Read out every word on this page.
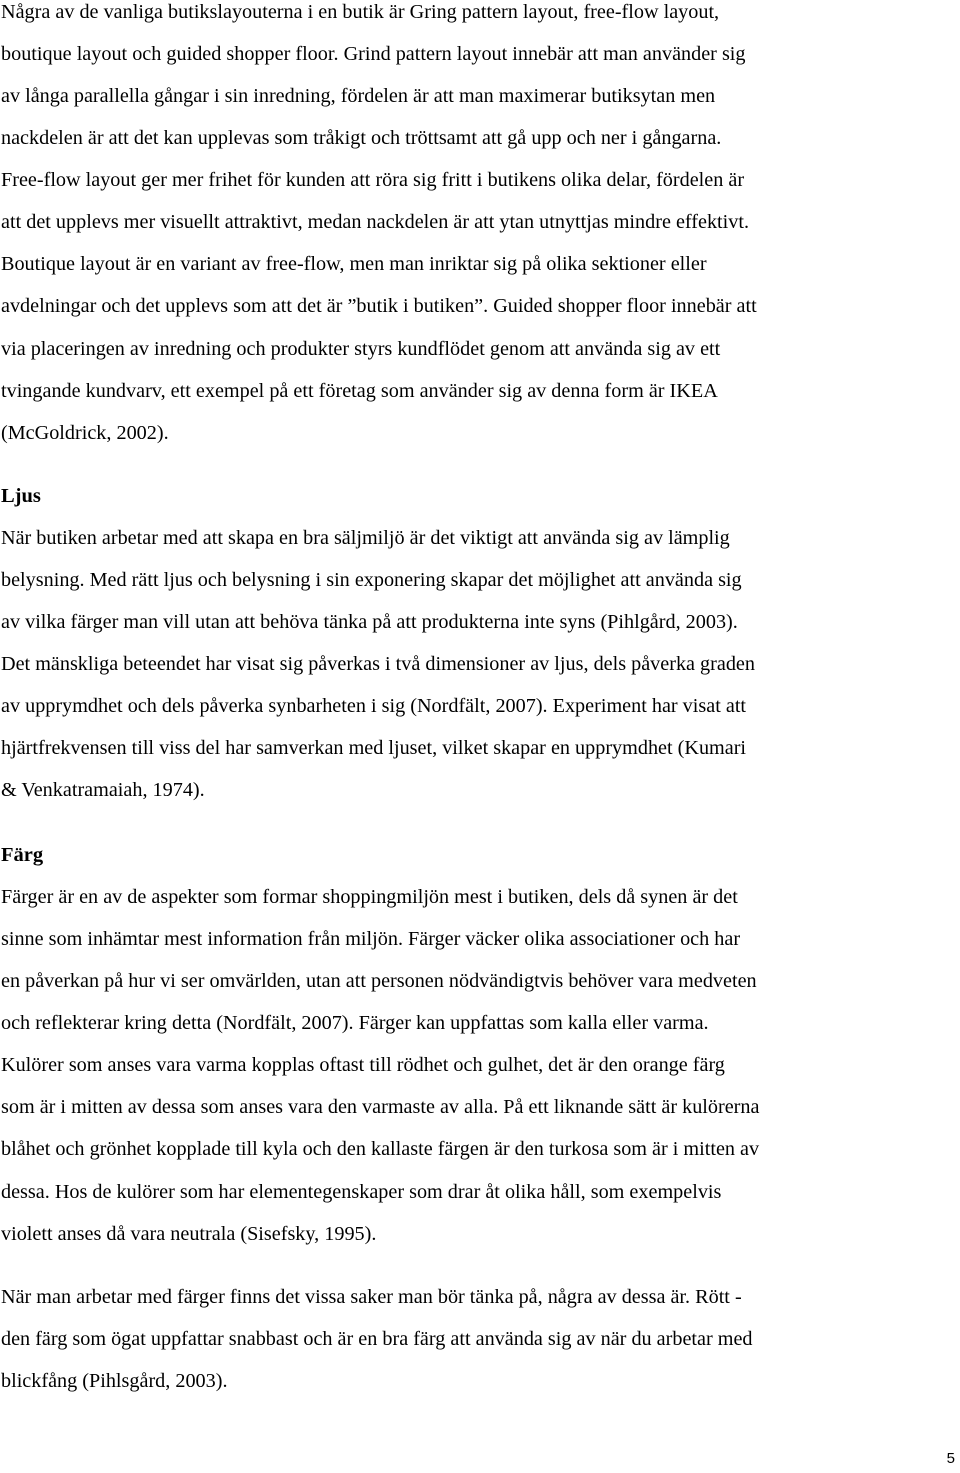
Några av de vanliga butikslayouterna i en butik är Gring pattern layout, free-flow layout,
boutique layout och guided shopper floor. Grind pattern layout innebär att man använder sig
av långa parallella gångar i sin inredning, fördelen är att man maximerar butiksytan men
nackdelen är att det kan upplevas som tråkigt och tröttsamt att gå upp och ner i gångarna.
Free-flow layout ger mer frihet för kunden att röra sig fritt i butikens olika delar, fördelen är
att det upplevs mer visuellt attraktivt, medan nackdelen är att ytan utnyttjas mindre effektivt.
Boutique layout är en variant av free-flow, men man inriktar sig på olika sektioner eller
avdelningar och det upplevs som att det är ”butik i butiken”. Guided shopper floor innebär att
via placeringen av inredning och produkter styrs kundflödet genom att använda sig av ett
tvingande kundvarv, ett exempel på ett företag som använder sig av denna form är IKEA
(McGoldrick, 2002).
Ljus
När butiken arbetar med att skapa en bra säljmiljö är det viktigt att använda sig av lämplig
belysning. Med rätt ljus och belysning i sin exponering skapar det möjlighet att använda sig
av vilka färger man vill utan att behöva tänka på att produkterna inte syns (Pihlgård, 2003).
Det mänskliga beteendet har visat sig påverkas i två dimensioner av ljus, dels påverka graden
av upprymdhet och dels påverka synbarheten i sig (Nordfält, 2007). Experiment har visat att
hjärtfrekvensen till viss del har samverkan med ljuset, vilket skapar en upprymdhet (Kumari
& Venkatramaiah, 1974).
Färg
Färger är en av de aspekter som formar shoppingmiljön mest i butiken, dels då synen är det
sinne som inhämtar mest information från miljön. Färger väcker olika associationer och har
en påverkan på hur vi ser omvärlden, utan att personen nödvändigtvis behöver vara medveten
och reflekterar kring detta (Nordfält, 2007). Färger kan uppfattas som kalla eller varma.
Kulörer som anses vara varma kopplas oftast till rödhet och gulhet, det är den orange färg
som är i mitten av dessa som anses vara den varmaste av alla. På ett liknande sätt är kulörerna
blåhet och grönhet kopplade till kyla och den kallaste färgen är den turkosa som är i mitten av
dessa. Hos de kulörer som har elementegenskaper som drar åt olika håll, som exempelvis
violett anses då vara neutrala (Sisefsky, 1995).
När man arbetar med färger finns det vissa saker man bör tänka på, några av dessa är. Rött -
den färg som ögat uppfattar snabbast och är en bra färg att använda sig av när du arbetar med
blickfång (Pihlsgård, 2003).
5
